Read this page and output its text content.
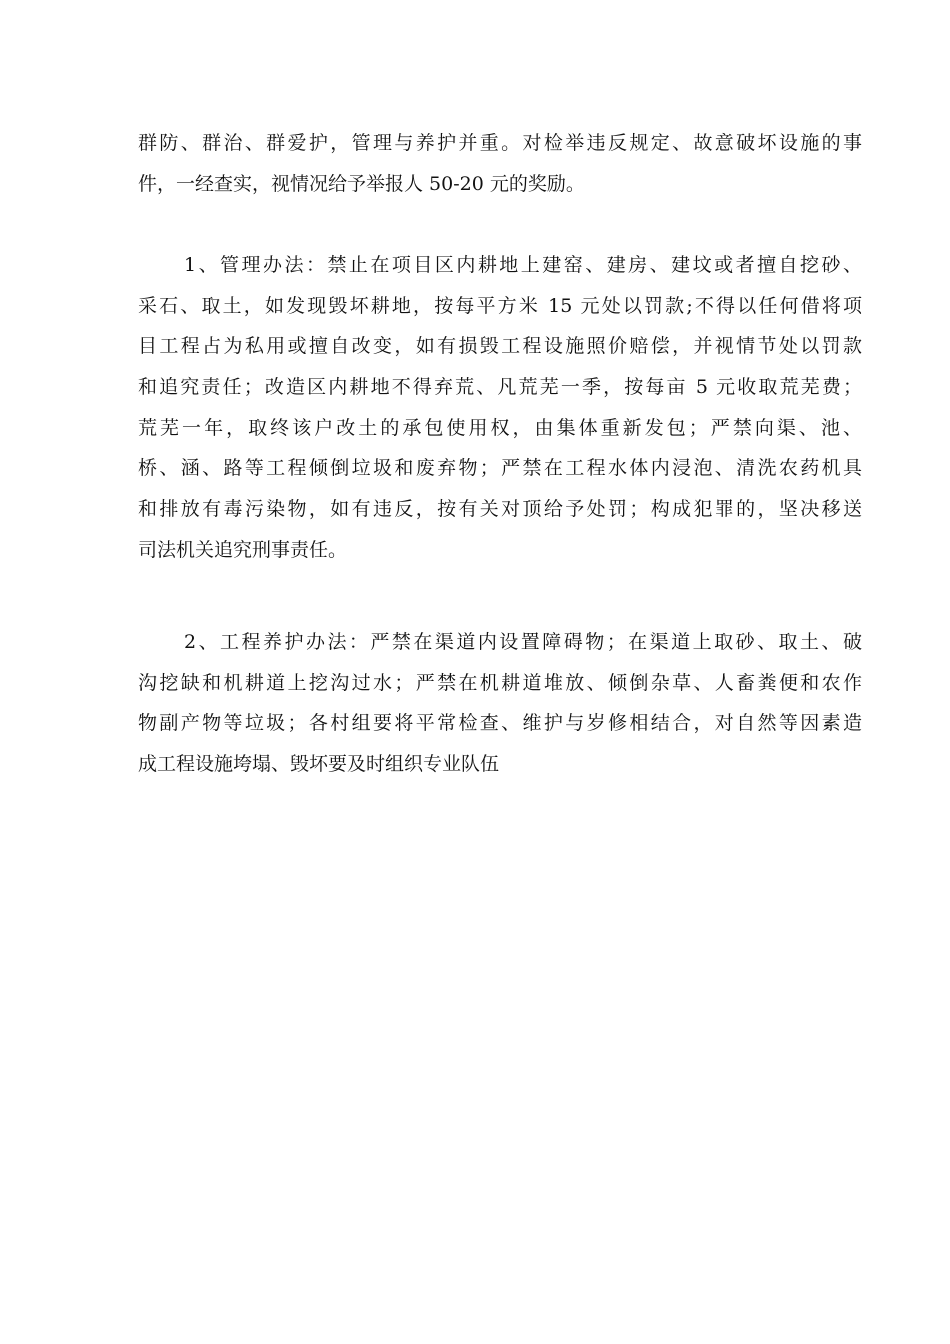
群防、群治、群爱护，管理与养护并重。对检举违反规定、故意破坏设施的事
件，一经查实，视情况给予举报人 50-20 元的奖励。
1、管理办法：禁止在项目区内耕地上建窑、建房、建坟或者擅自挖砂、
采石、取土，如发现毁坏耕地，按每平方米 15 元处以罚款;不得以任何借将项
目工程占为私用或擅自改变，如有损毁工程设施照价赔偿，并视情节处以罚款
和追究责任；改造区内耕地不得弃荒、凡荒芜一季，按每亩 5 元收取荒芜费；
荒芜一年，取终该户改土的承包使用权，由集体重新发包；严禁向渠、池、
桥、涵、路等工程倾倒垃圾和废弃物；严禁在工程水体内浸泡、清洗农药机具
和排放有毒污染物，如有违反，按有关对顶给予处罚；构成犯罪的，坚决移送
司法机关追究刑事责任。
2、工程养护办法：严禁在渠道内设置障碍物；在渠道上取砂、取土、破
沟挖缺和机耕道上挖沟过水；严禁在机耕道堆放、倾倒杂草、人畜粪便和农作
物副产物等垃圾；各村组要将平常检查、维护与岁修相结合，对自然等因素造
成工程设施垮塌、毁坏要及时组织专业队伍
